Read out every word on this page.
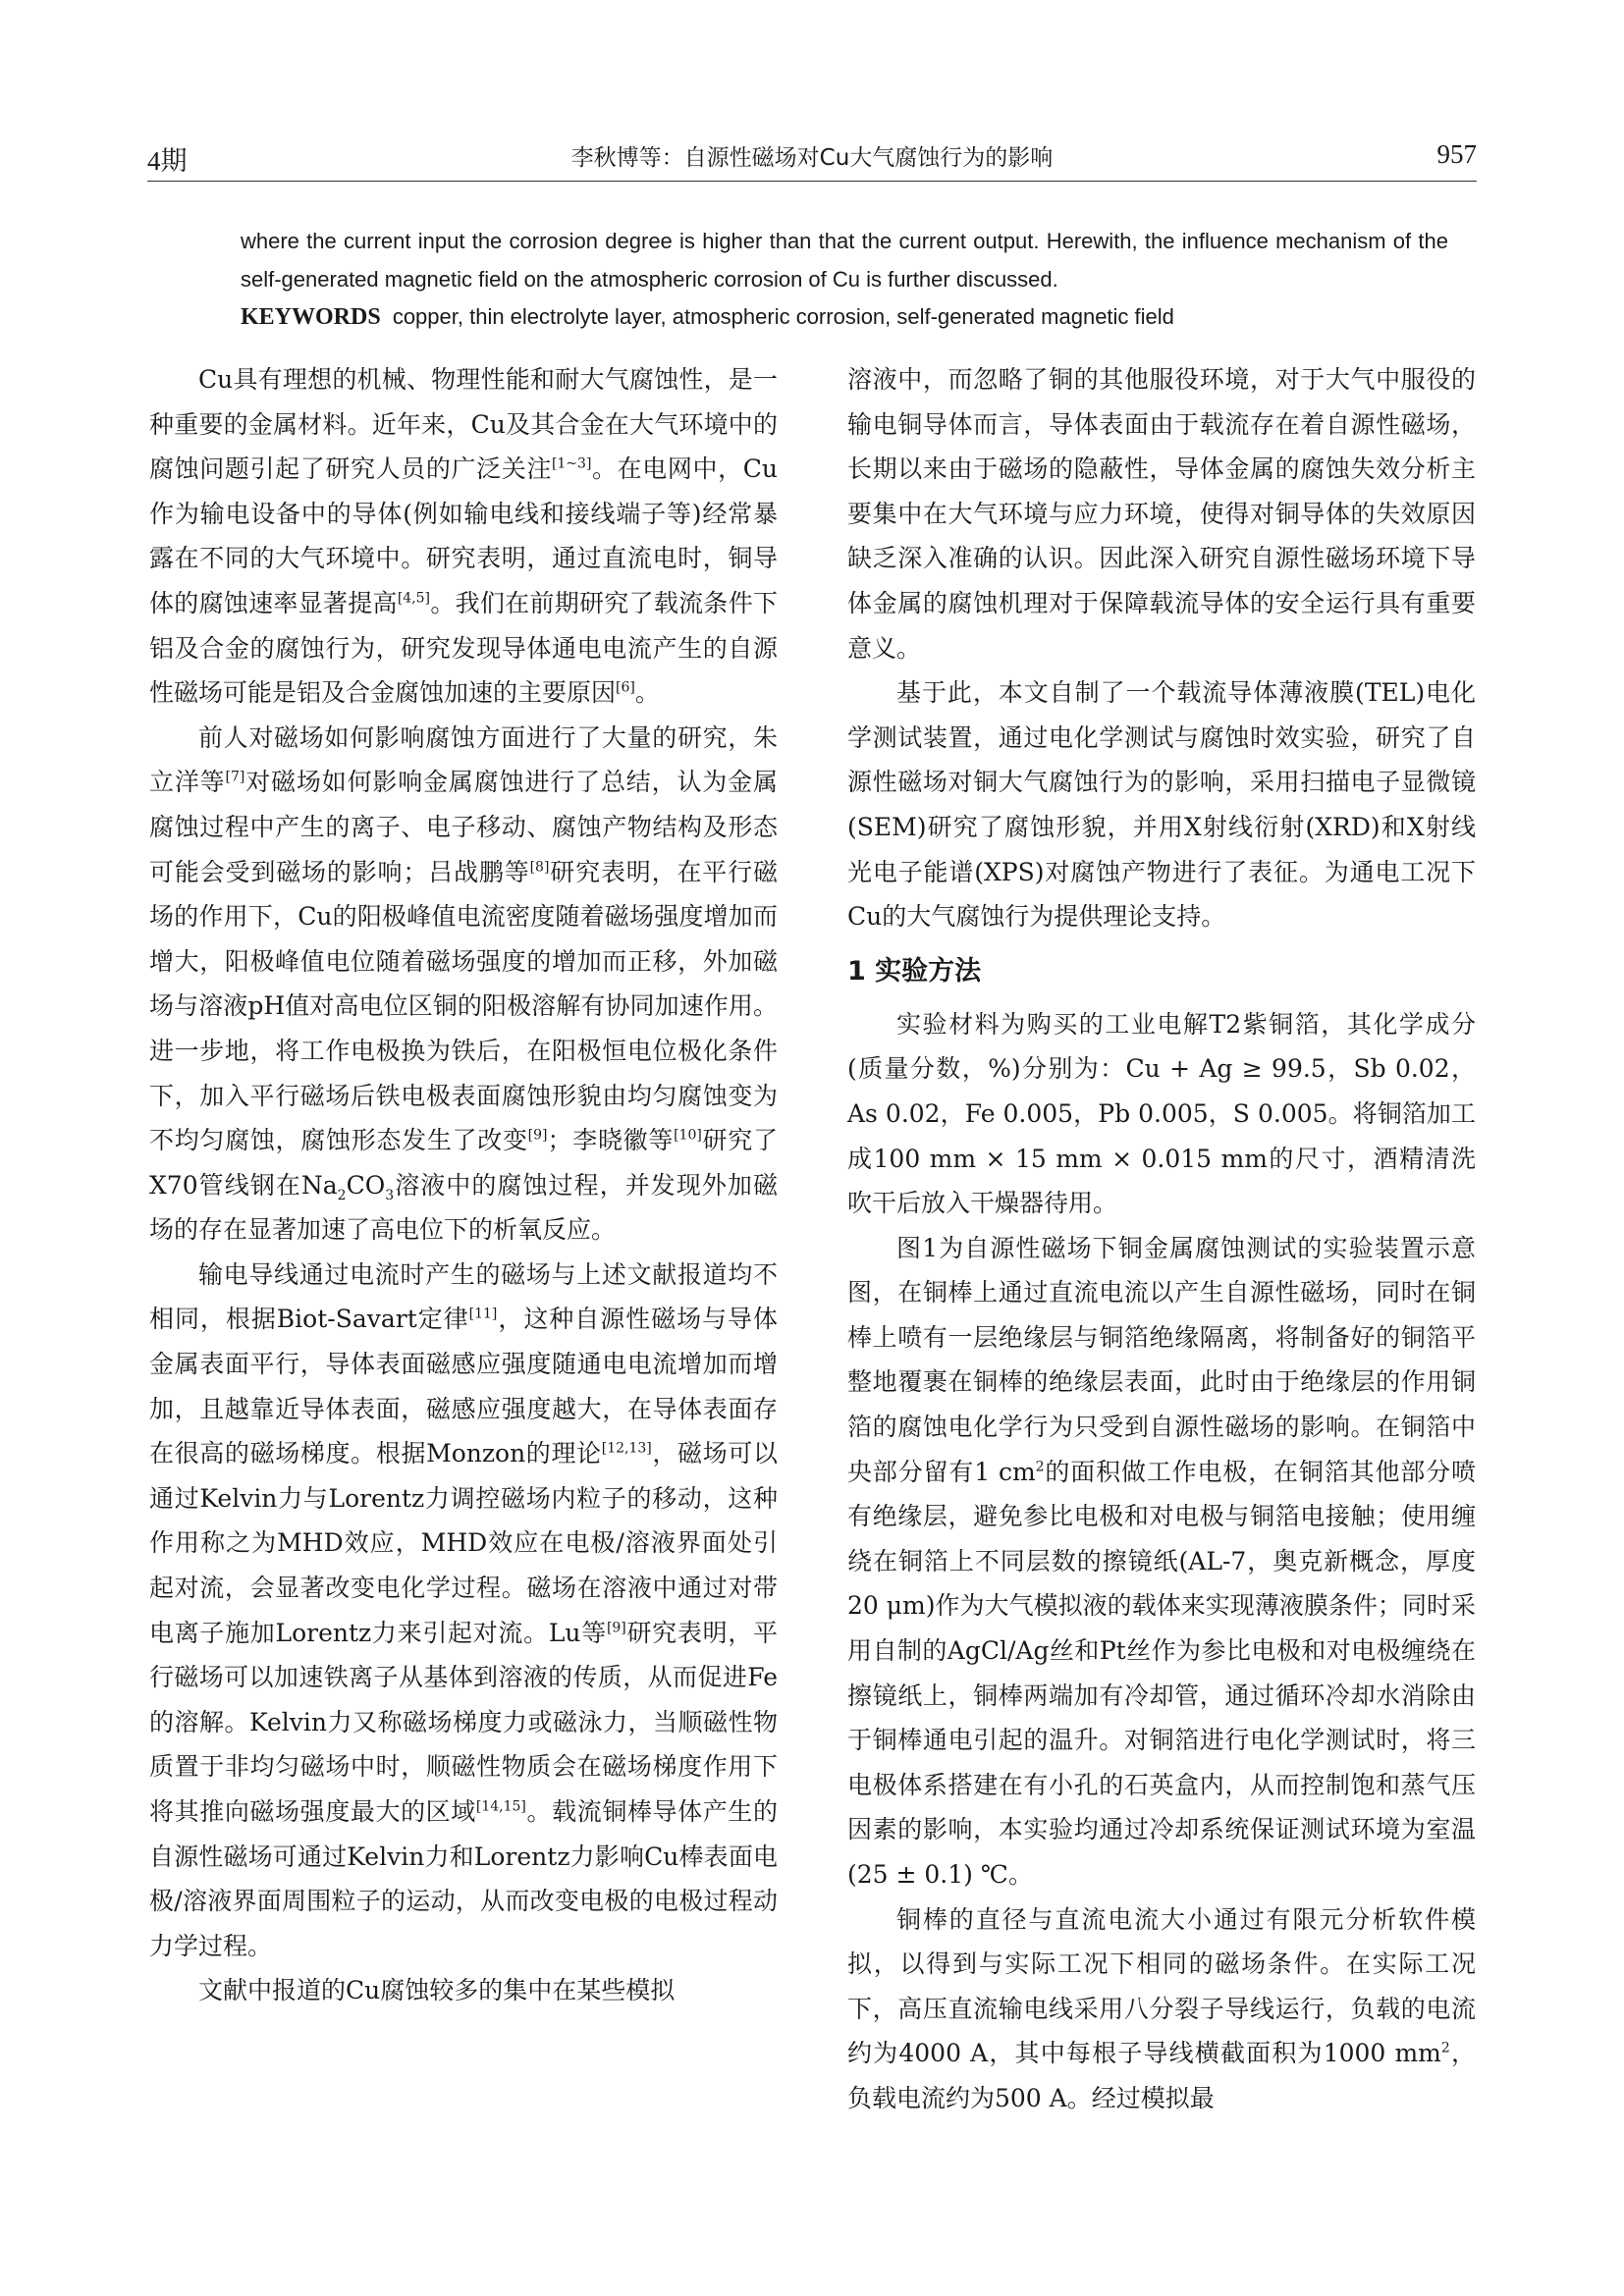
4期	李秋博等：自源性磁场对Cu大气腐蚀行为的影响	957

where the current input the corrosion degree is higher than that the current output. Herewith, the influence mechanism of the self-generated magnetic field on the atmospheric corrosion of Cu is further discussed.

KEYWORDS copper, thin electrolyte layer, atmospheric corrosion, self-generated magnetic field

Cu具有理想的机械、物理性能和耐大气腐蚀性，是一种重要的金属材料。近年来，Cu及其合金在大气环境中的腐蚀问题引起了研究人员的广泛关注[1~3]。在电网中，Cu作为输电设备中的导体(例如输电线和接线端子等)经常暴露在不同的大气环境中。研究表明，通过直流电时，铜导体的腐蚀速率显著提高[4,5]。我们在前期研究了载流条件下铝及合金的腐蚀行为，研究发现导体通电电流产生的自源性磁场可能是铝及合金腐蚀加速的主要原因[6]。

前人对磁场如何影响腐蚀方面进行了大量的研究，朱立洋等[7]对磁场如何影响金属腐蚀进行了总结，认为金属腐蚀过程中产生的离子、电子移动、腐蚀产物结构及形态可能会受到磁场的影响；吕战鹏等[8]研究表明，在平行磁场的作用下，Cu的阳极峰值电流密度随着磁场强度增加而增大，阳极峰值电位随着磁场强度的增加而正移，外加磁场与溶液pH值对高电位区铜的阳极溶解有协同加速作用。进一步地，将工作电极换为铁后，在阳极恒电位极化条件下，加入平行磁场后铁电极表面腐蚀形貌由均匀腐蚀变为不均匀腐蚀，腐蚀形态发生了改变[9]；李晓徽等[10]研究了X70管线钢在$Na_2CO_3$溶液中的腐蚀过程，并发现外加磁场的存在显著加速了高电位下的析氧反应。

输电导线通过电流时产生的磁场与上述文献报道均不相同，根据Biot-Savart定律[11]，这种自源性磁场与导体金属表面平行，导体表面磁感应强度随通电电流增加而增加，且越靠近导体表面，磁感应强度越大，在导体表面存在很高的磁场梯度。根据Monzon的理论[12,13]，磁场可以通过Kelvin力与Lorentz力调控磁场内粒子的移动，这种作用称之为MHD效应，MHD效应在电极/溶液界面处引起对流，会显著改变电化学过程。磁场在溶液中通过对带电离子施加Lorentz力来引起对流。Lu等[9]研究表明，平行磁场可以加速铁离子从基体到溶液的传质，从而促进Fe的溶解。Kelvin力又称磁场梯度力或磁泳力，当顺磁性物质置于非均匀磁场中时，顺磁性物质会在磁场梯度作用下将其推向磁场强度最大的区域[14,15]。载流铜棒导体产生的自源性磁场可通过Kelvin力和Lorentz力影响Cu棒表面电极/溶液界面周围粒子的运动，从而改变电极的电极过程动力学过程。

文献中报道的Cu腐蚀较多的集中在某些模拟

溶液中，而忽略了铜的其他服役环境，对于大气中服役的输电铜导体而言，导体表面由于载流存在着自源性磁场，长期以来由于磁场的隐蔽性，导体金属的腐蚀失效分析主要集中在大气环境与应力环境，使得对铜导体的失效原因缺乏深入准确的认识。因此深入研究自源性磁场环境下导体金属的腐蚀机理对于保障载流导体的安全运行具有重要意义。

基于此，本文自制了一个载流导体薄液膜(TEL)电化学测试装置，通过电化学测试与腐蚀时效实验，研究了自源性磁场对铜大气腐蚀行为的影响，采用扫描电子显微镜(SEM)研究了腐蚀形貌，并用X射线衍射(XRD)和X射线光电子能谱(XPS)对腐蚀产物进行了表征。为通电工况下Cu的大气腐蚀行为提供理论支持。

1 实验方法

实验材料为购买的工业电解T2紫铜箔，其化学成分(质量分数，%)分别为：Cu + Ag ≥ 99.5，Sb 0.02，As 0.02，Fe 0.005，Pb 0.005，S 0.005。将铜箔加工成100 mm × 15 mm × 0.015 mm的尺寸，酒精清洗吹干后放入干燥器待用。

图1为自源性磁场下铜金属腐蚀测试的实验装置示意图，在铜棒上通过直流电流以产生自源性磁场，同时在铜棒上喷有一层绝缘层与铜箔绝缘隔离，将制备好的铜箔平整地覆裹在铜棒的绝缘层表面，此时由于绝缘层的作用铜箔的腐蚀电化学行为只受到自源性磁场的影响。在铜箔中央部分留有1 $cm^2$的面积做工作电极，在铜箔其他部分喷有绝缘层，避免参比电极和对电极与铜箔电接触；使用缠绕在铜箔上不同层数的擦镜纸(AL-7，奥克新概念，厚度20 μm)作为大气模拟液的载体来实现薄液膜条件；同时采用自制的AgCl/Ag丝和Pt丝作为参比电极和对电极缠绕在擦镜纸上，铜棒两端加有冷却管，通过循环冷却水消除由于铜棒通电引起的温升。对铜箔进行电化学测试时，将三电极体系搭建在有小孔的石英盒内，从而控制饱和蒸气压因素的影响，本实验均通过冷却系统保证测试环境为室温(25 ± 0.1) ℃。

铜棒的直径与直流电流大小通过有限元分析软件模拟，以得到与实际工况下相同的磁场条件。在实际工况下，高压直流输电线采用八分裂子导线运行，负载的电流约为4000 A，其中每根子导线横截面积为1000 $mm^2$，负载电流约为500 A。经过模拟最
